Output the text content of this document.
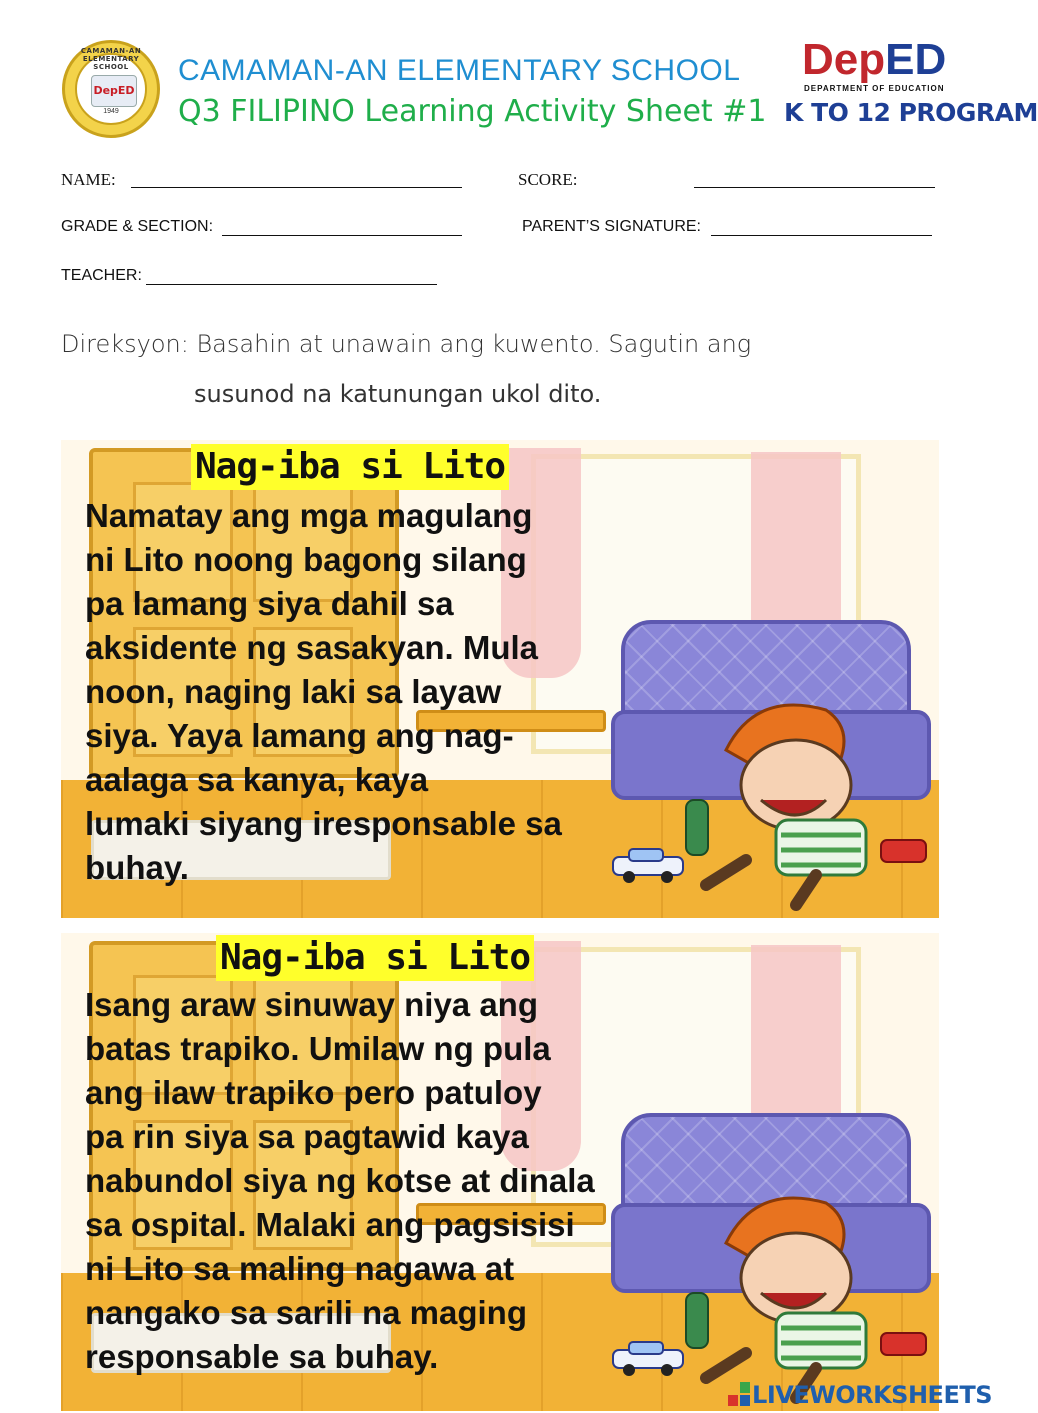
DepED
1949
CAMAMAN-AN ELEMENTARY SCHOOL	CAMAMAN-AN ELEMENTARY SCHOOL
Q3 FILIPINO Learning Activity Sheet #1
DepED
DEPARTMENT OF EDUCATION
K TO 12 PROGRAM
NAME:	SCORE:
GRADE & SECTION:	PARENT’S SIGNATURE:
TEACHER:
Direksyon: Basahin at unawain ang kuwento. Sagutin ang
susunod na katunungan ukol dito.
Nag-iba si Lito
Namatay ang mga magulang
ni Lito noong bagong silang
pa lamang siya dahil sa
aksidente ng sasakyan. Mula
noon, naging laki sa layaw
siya. Yaya lamang ang nag-
aalaga sa kanya, kaya
lumaki siyang iresponsable sa
buhay.
Nag-iba si Lito
Isang araw sinuway niya ang
batas trapiko. Umilaw ng pula
ang ilaw trapiko pero patuloy
pa rin siya sa pagtawid kaya
nabundol siya ng kotse at dinala
sa ospital. Malaki ang pagsisisi
ni Lito sa maling nagawa at
nangako sa sarili na maging
responsable sa buhay.
LIVEWORKSHEETS
